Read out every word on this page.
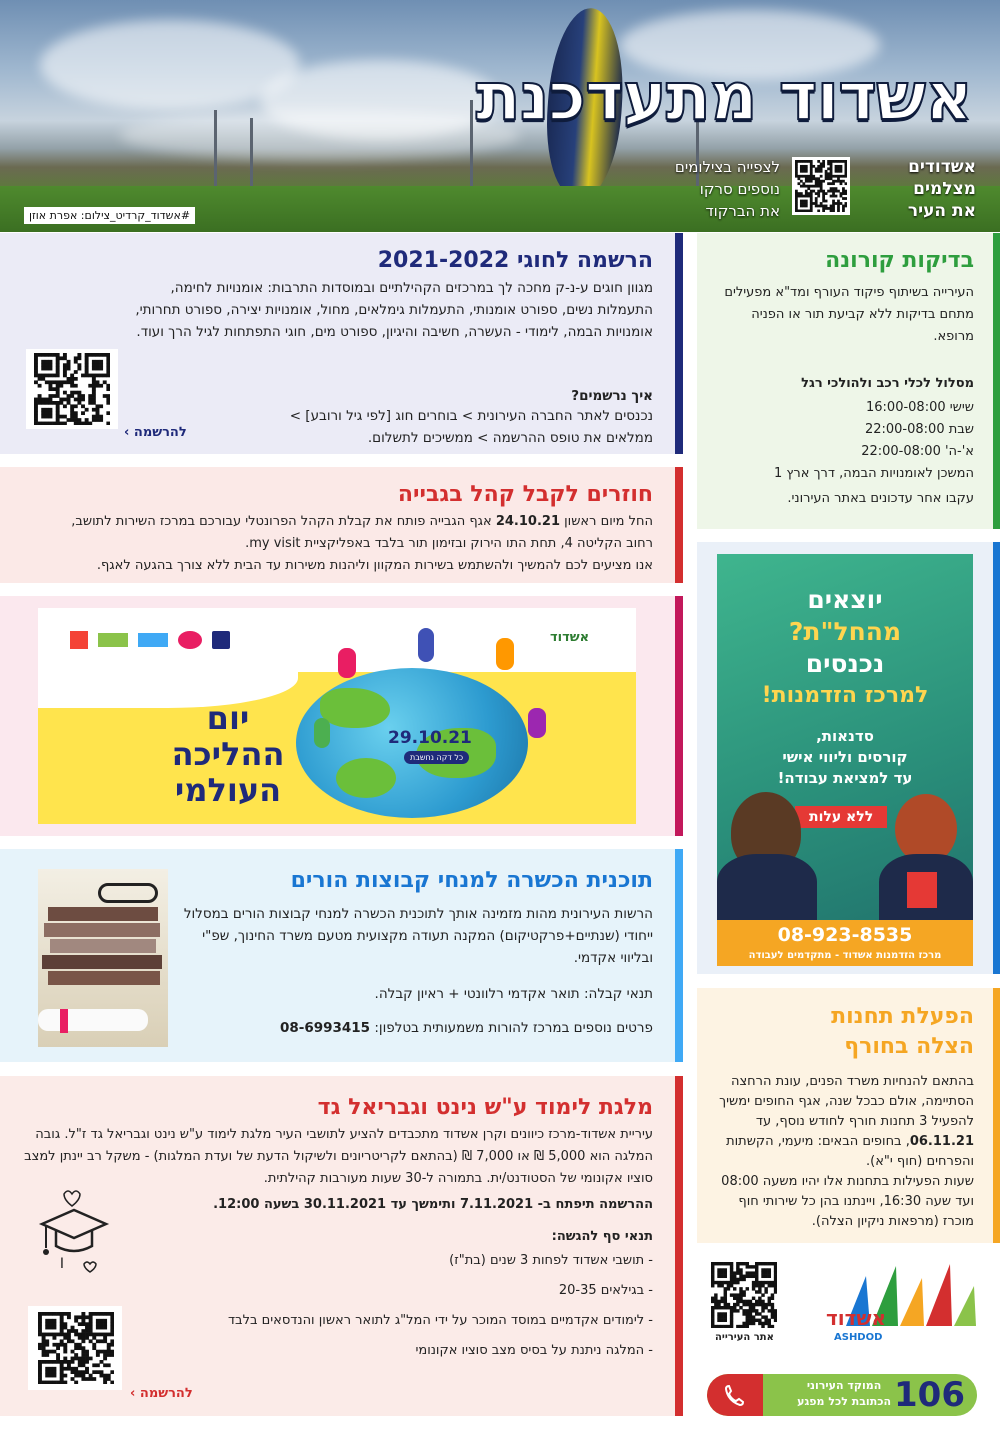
אשדוד מתעדכנת
אשדודים
מצלמים
את העיר
לצפייה בצילומים
נוספים סרקו
את הברקוד
#אשדוד_קרדיט_צילום: אפרת אוזן
בדיקות קורונה
העירייה בשיתוף פיקוד העורף ומד"א מפעילים מתחם בדיקות ללא קביעת תור או הפניה מרופא.
מסלול לכלי רכב ולהולכי רגל
שישי 16:00-08:00
שבת 22:00-08:00
א'-ה' 22:00-08:00
המשכן לאומנויות הבמה, דרך ארץ 1
עקבו אחר עדכונים באתר העירוני.
הרשמה לחוגי 2021-2022
מגוון חוגים ע-נ-ק מחכה לך במרכזים הקהילתיים ובמוסדות התרבות: אומנויות לחימה, התעמלות נשים, ספורט אומנותי, התעמלות גימלאים, מחול, אומנויות יצירה, ספורט תחרותי, אומנויות הבמה, לימודי - העשרה, חשיבה והיגיון, ספורט מים, חוגי התפתחות לגיל הרך ועוד.
איך נרשמים?
נכנסים לאתר החברה העירונית > בוחרים חוג [לפי גיל ורובע] >
ממלאים את טופס ההרשמה > ממשיכים לתשלום.
להרשמה ›
חוזרים לקבל קהל בגבייה
החל מיום ראשון 24.10.21 אגף הגבייה פותח את קבלת הקהל הפרונטלי עבורכם במרכז השירות לתושב,
רחוב הקליטה 4, תחת התו הירוק ובזימון תור בלבד באפליקציית my visit.
אנו מציעים לכם להמשיך ולהשתמש בשירות המקוון וליהנות משירות עד הבית ללא צורך בהגעה לאגף.
29.10.21
כל דקה נחשבת
יום
ההליכה
העולמי
אשדוד
יוצאים
מהחל"ת?
נכנסים
למרכז הזדמנות!
סדנאות,
קורסים וליווי אישי
עד למציאת עבודה!
ללא עלות
08-923-8535
מרכז הזדמנות אשדוד - מתקדמים לעבודה
תוכנית הכשרה למנחי קבוצות הורים
הרשות העירונית מהות מזמינה אותך לתוכנית הכשרה למנחי קבוצות הורים במסלול ייחודי (שנתיים+פרקטיקום) המקנה תעודה מקצועית מטעם משרד החינוך, שפ"י ובליווי אקדמי.
תנאי קבלה: תואר אקדמי רלוונטי + ראיון קבלה.
פרטים נוספים במרכז להורות משמעותית בטלפון: 08-6993415	הפעלת תחנות
הצלה בחורף
בהתאם להנחיות משרד הפנים, עונת הרחצה הסתיימה, אולם כבכל שנה, אגף החופים ימשיך להפעיל 3 תחנות חורף לחודש נוסף, עד 06.11.21, בחופים הבאים: מיעמי, הקשתות והפרחים (חוף י"א).
שעות הפעילות בתחנות אלו יהיו משעה 08:00 ועד שעה 16:30, ויינתנו בהן כל שירותי חוף מוכרז (מרפאות ניקיון הצלה).
מלגת לימוד ע"ש נינט וגבריאל גד
עיריית אשדוד-מרכז כיוונים וקרן אשדוד מתכבדים להציע לתושבי העיר מלגת לימוד ע"ש נינט וגבריאל גד ז"ל. גובה המלגה הוא 5,000 ₪ או 7,000 ₪ (בהתאם לקריטריונים ולשיקול הדעת של ועדת המלגות) - משקל רב יינתן למצב סוציו אקונומי של הסטודנט/ית. בתמורה ל-30 שעות מעורבות קהילתית.
ההרשמה תיפתח ב- 7.11.2021 ותימשך עד 30.11.2021 בשעה 12:00.
תנאי סף להגשה:
- תושבי אשדוד לפחות 3 שנים (בת"ז)
- בגילאים 20-35
- לימודים אקדמיים במוסד המוכר על ידי המל"ג לתואר ראשון והנדסאים בלבד
- המלגה ניתנת על בסיס מצב סוציו אקונומי
I
להרשמה ›
אשדוד
ASHDOD
אתר העירייה
106
המוקד העירוני
הכתובת לכל מפגע
